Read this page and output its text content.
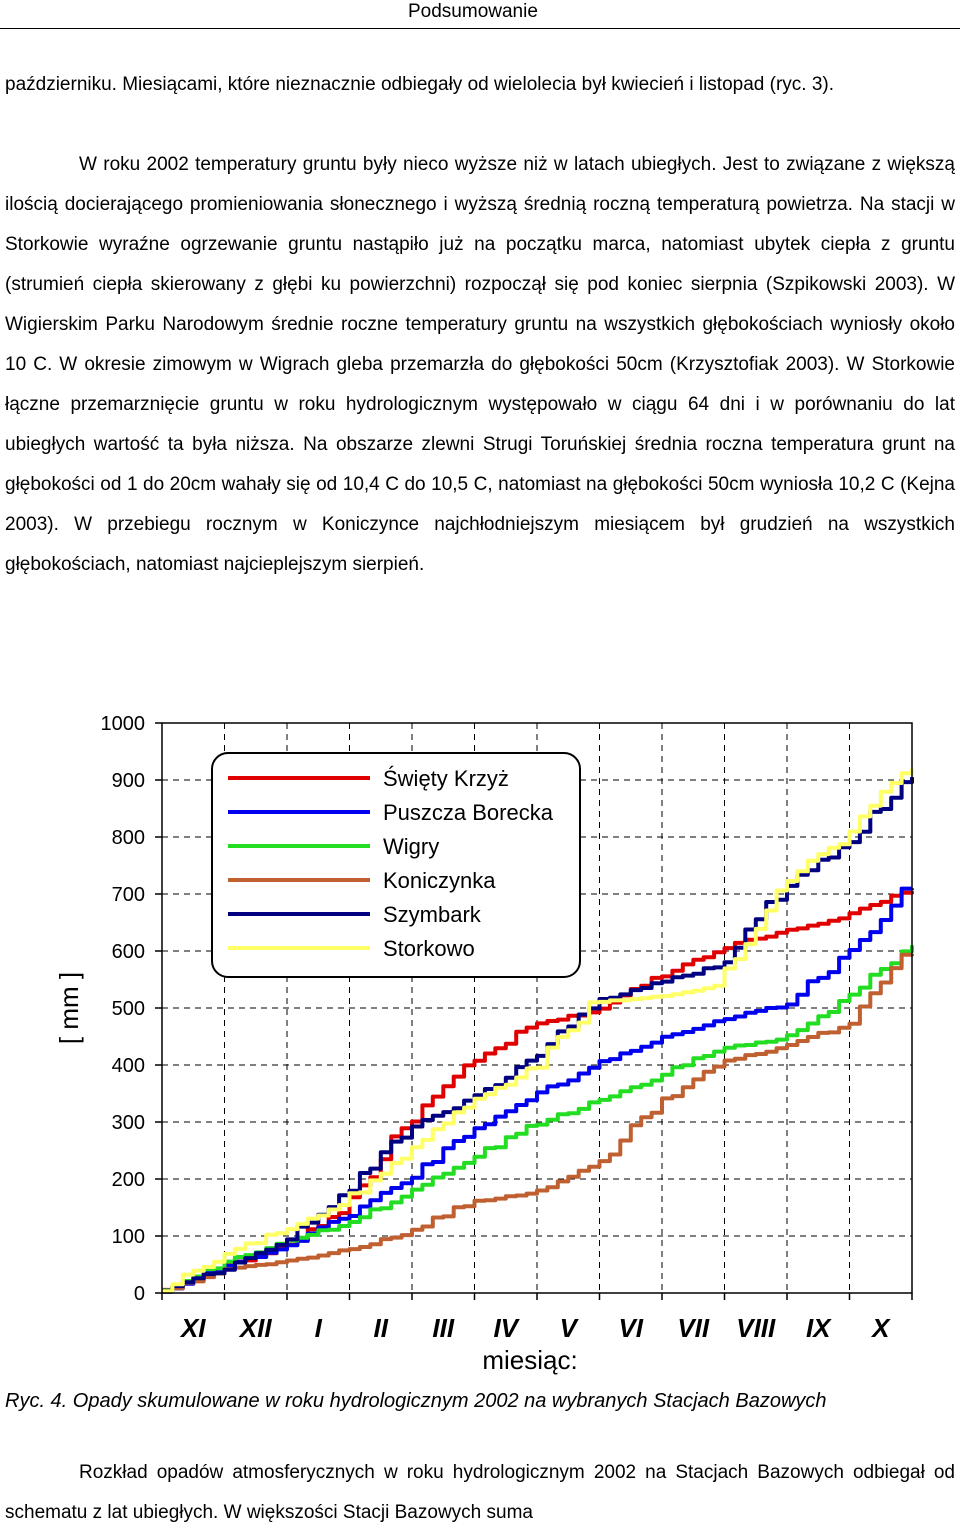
Podsumowanie
październiku. Miesiącami, które nieznacznie odbiegały od wielolecia był kwiecień i listopad (ryc. 3).
W roku 2002 temperatury gruntu były nieco wyższe niż w latach ubiegłych. Jest to związane z większą ilością docierającego promieniowania słonecznego i wyższą średnią roczną temperaturą powietrza. Na stacji w Storkowie wyraźne ogrzewanie gruntu nastąpiło już na początku marca, natomiast ubytek ciepła z gruntu (strumień ciepła skierowany z głębi ku powierzchni) rozpoczął się pod koniec sierpnia (Szpikowski 2003). W Wigierskim Parku Narodowym średnie roczne temperatury gruntu na wszystkich głębokościach wyniosły około 10 C. W okresie zimowym w Wigrach gleba przemarzła do głębokości 50cm (Krzysztofiak 2003). W Storkowie łączne przemarznięcie gruntu w roku hydrologicznym występowało w ciągu 64 dni i w porównaniu do lat ubiegłych wartość ta była niższa. Na obszarze zlewni Strugi Toruńskiej średnia roczna temperatura grunt na głębokości od 1 do 20cm wahały się od 10,4 C do 10,5 C, natomiast na głębokości 50cm wyniosła 10,2 C (Kejna 2003). W przebiegu rocznym w Koniczynce najchłodniejszym miesiącem był grudzień na wszystkich głębokościach, natomiast najcieplejszym sierpień.
0
100
200
300
400
500
600
700
800
900
1000
XI XII I II III IV V VI VII VIII IX X
[ mm ]
miesiąc:
Święty Krzyż
Puszcza Borecka
Wigry
Koniczynka
Szymbark
Storkowo
Ryc. 4. Opady skumulowane w roku hydrologicznym 2002 na wybranych Stacjach Bazowych
Rozkład opadów atmosferycznych w roku hydrologicznym 2002 na Stacjach Bazowych odbiegał od schematu z lat ubiegłych. W większości Stacji Bazowych suma
